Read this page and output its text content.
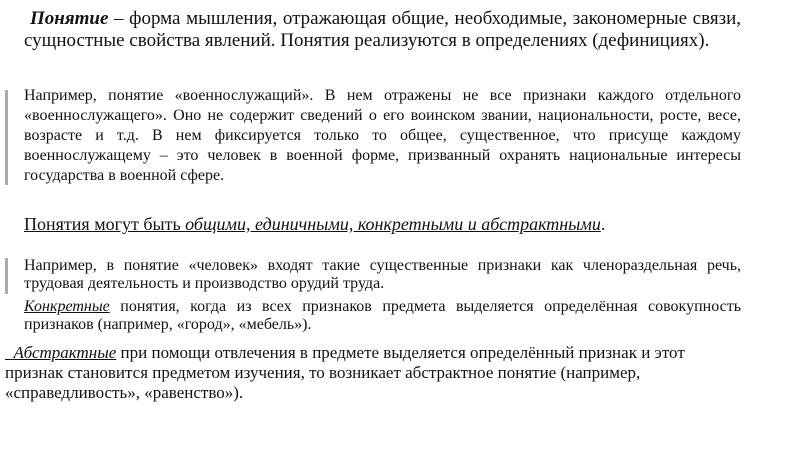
Понятие – форма мышления, отражающая общие, необходимые, закономерные связи, сущностные свойства явлений. Понятия реализуются в определениях (дефинициях).
Например, понятие «военнослужащий». В нем отражены не все признаки каждого отдельного «военнослужащего». Оно не содержит сведений о его воинском звании, национальности, росте, весе, возрасте и т.д. В нем фиксируется только то общее, существенное, что присуще каждому военнослужащему – это человек в военной форме, призванный охранять национальные интересы государства в военной сфере.
Понятия могут быть общими, единичными, конкретными и абстрактными.
Например, в понятие «человек» входят такие существенные признаки как членораздельная речь, трудовая деятельность и производство орудий труда.
Конкретные понятия, когда из всех признаков предмета выделяется определённая совокупность признаков (например, «город», «мебель»).
Абстрактные при помощи отвлечения в предмете выделяется определённый признак и этот признак становится предметом изучения, то возникает абстрактное понятие (например, «справедливость», «равенство»).
